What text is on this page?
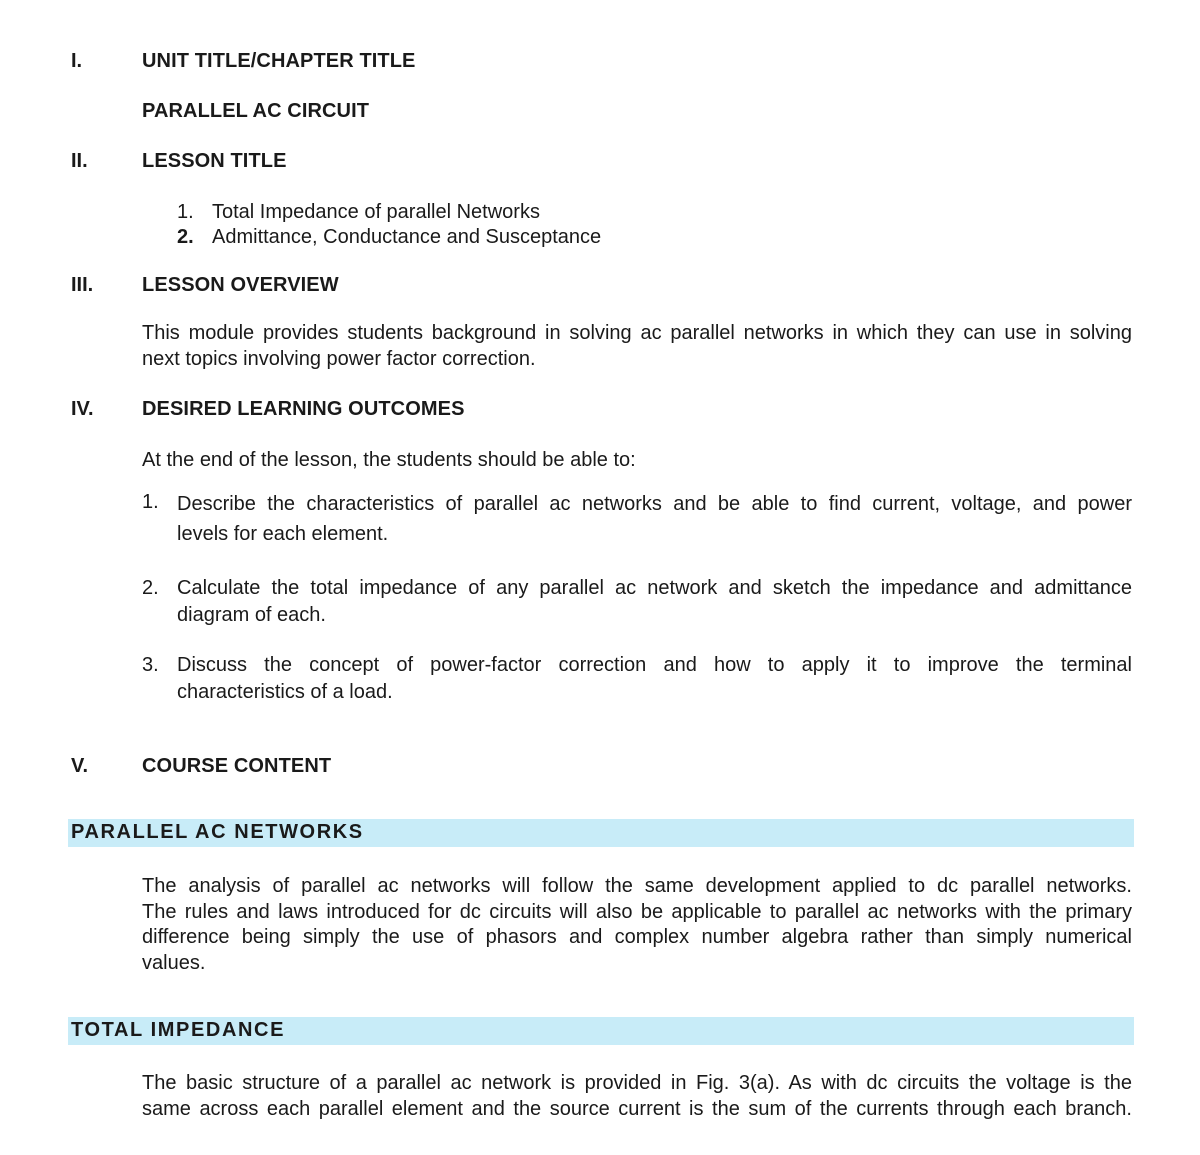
I.	UNIT TITLE/CHAPTER TITLE
PARALLEL AC CIRCUIT
II.	LESSON TITLE
1. Total Impedance of parallel Networks
2. Admittance, Conductance and Susceptance
III. LESSON OVERVIEW
This module provides students background in solving ac parallel networks in which they can use in solving
next topics involving power factor correction.
IV. DESIRED LEARNING OUTCOMES
At the end of the lesson, the students should be able to:
1. Describe the characteristics of parallel ac networks and be able to find current, voltage, and power
levels for each element.
2. Calculate the total impedance of any parallel ac network and sketch the impedance and admittance
diagram of each.
3. Discuss the concept of power-factor correction and how to apply it to improve the terminal
characteristics of a load.
V.	COURSE CONTENT
PARALLEL AC NETWORKS
The analysis of parallel ac networks will follow the same development applied to dc parallel networks.
The rules and laws introduced for dc circuits will also be applicable to parallel ac networks with the primary
difference being simply the use of phasors and complex number algebra rather than simply numerical
values.
TOTAL IMPEDANCE
The basic structure of a parallel ac network is provided in Fig. 3(a). As with dc circuits the voltage is the
same across each parallel element and the source current is the sum of the currents through each branch.
